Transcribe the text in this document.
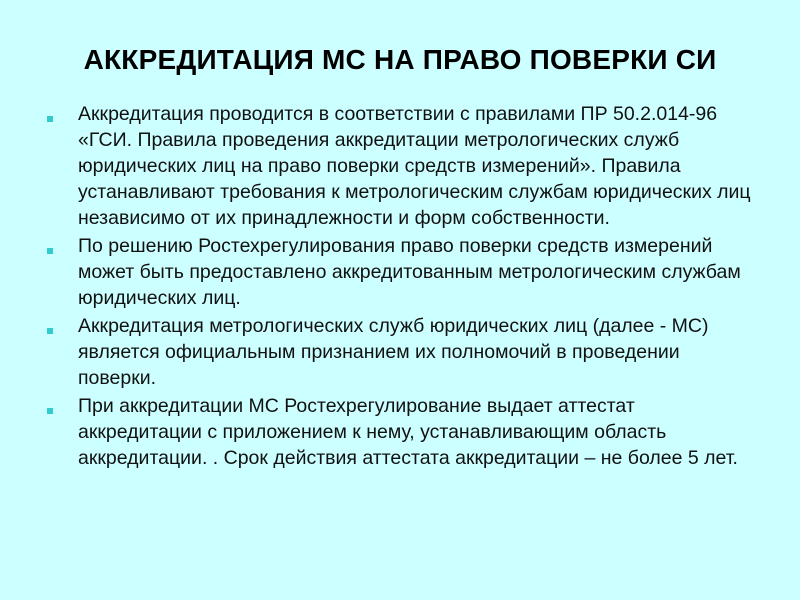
АККРЕДИТАЦИЯ МС НА ПРАВО ПОВЕРКИ СИ
Аккредитация проводится в соответствии с правилами ПР 50.2.014-96 «ГСИ. Правила проведения аккредитации метрологических служб юридических лиц на право поверки средств измерений». Правила устанавливают требования к метрологическим службам юридических лиц независимо от их принадлежности и форм собственности.
По решению Ростехрегулирования право поверки средств измерений может быть предоставлено аккредитованным метрологическим службам юридических лиц.
Аккредитация метрологических служб юридических лиц (далее - МС) является официальным признанием их полномочий в проведении поверки.
При аккредитации МС Ростехрегулирование выдает аттестат аккредитации с приложением к нему, устанавливающим область аккредитации. . Срок действия аттестата аккредитации – не более 5 лет.
